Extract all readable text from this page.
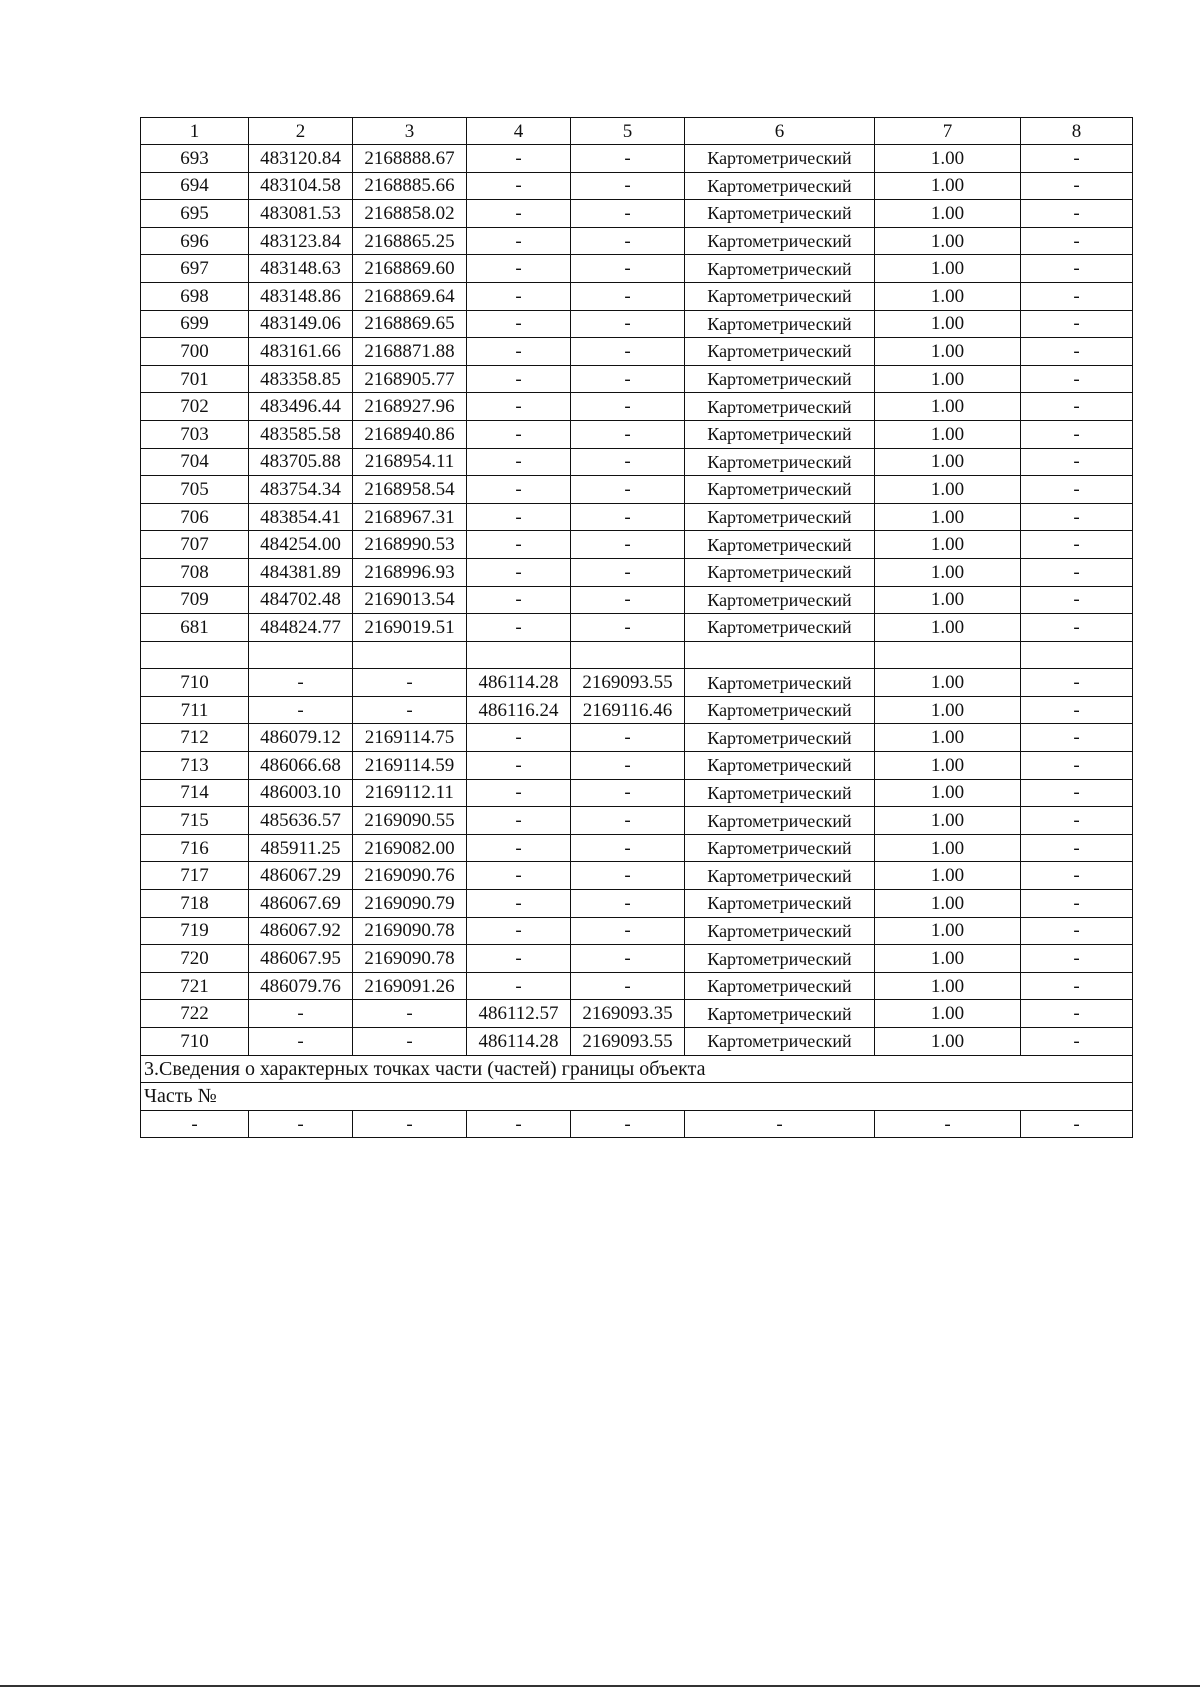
1	2	3	4	5	6	7	8
693	483120.84	2168888.67	-	-	Картометрический	1.00	-
694	483104.58	2168885.66	-	-	Картометрический	1.00	-
695	483081.53	2168858.02	-	-	Картометрический	1.00	-
696	483123.84	2168865.25	-	-	Картометрический	1.00	-
697	483148.63	2168869.60	-	-	Картометрический	1.00	-
698	483148.86	2168869.64	-	-	Картометрический	1.00	-
699	483149.06	2168869.65	-	-	Картометрический	1.00	-
700	483161.66	2168871.88	-	-	Картометрический	1.00	-
701	483358.85	2168905.77	-	-	Картометрический	1.00	-
702	483496.44	2168927.96	-	-	Картометрический	1.00	-
703	483585.58	2168940.86	-	-	Картометрический	1.00	-
704	483705.88	2168954.11	-	-	Картометрический	1.00	-
705	483754.34	2168958.54	-	-	Картометрический	1.00	-
706	483854.41	2168967.31	-	-	Картометрический	1.00	-
707	484254.00	2168990.53	-	-	Картометрический	1.00	-
708	484381.89	2168996.93	-	-	Картометрический	1.00	-
709	484702.48	2169013.54	-	-	Картометрический	1.00	-
681	484824.77	2169019.51	-	-	Картометрический	1.00	-

710	-	-	486114.28	2169093.55	Картометрический	1.00	-
711	-	-	486116.24	2169116.46	Картометрический	1.00	-
712	486079.12	2169114.75	-	-	Картометрический	1.00	-
713	486066.68	2169114.59	-	-	Картометрический	1.00	-
714	486003.10	2169112.11	-	-	Картометрический	1.00	-
715	485636.57	2169090.55	-	-	Картометрический	1.00	-
716	485911.25	2169082.00	-	-	Картометрический	1.00	-
717	486067.29	2169090.76	-	-	Картометрический	1.00	-
718	486067.69	2169090.79	-	-	Картометрический	1.00	-
719	486067.92	2169090.78	-	-	Картометрический	1.00	-
720	486067.95	2169090.78	-	-	Картометрический	1.00	-
721	486079.76	2169091.26	-	-	Картометрический	1.00	-
722	-	-	486112.57	2169093.35	Картометрический	1.00	-
710	-	-	486114.28	2169093.55	Картометрический	1.00	-
3.Сведения о характерных точках части (частей) границы объекта							
Часть №							
-	-	-	-	-	-	-	-
